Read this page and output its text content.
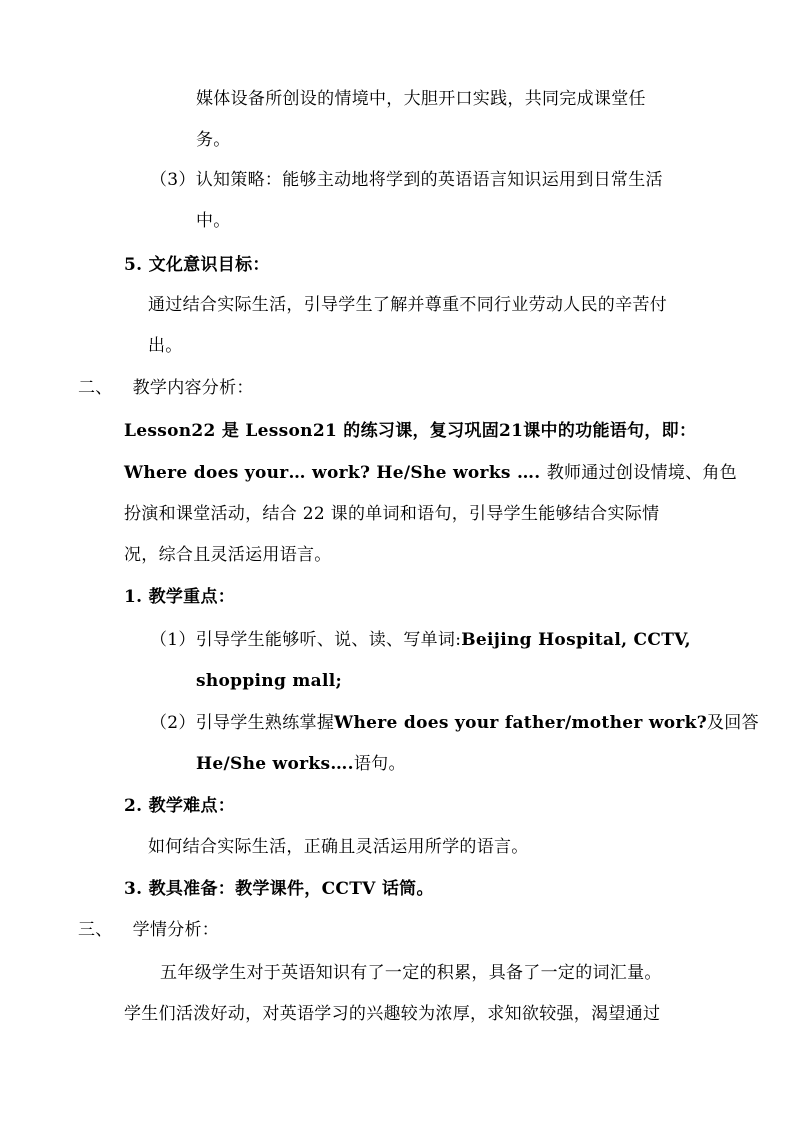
媒体设备所创设的情境中，大胆开口实践，共同完成课堂任
务。
（3）认知策略：能够主动地将学到的英语语言知识运用到日常生活
中。
5. 文化意识目标：
通过结合实际生活，引导学生了解并尊重不同行业劳动人民的辛苦付
出。
二、 教学内容分析：
Lesson22 是 Lesson21 的练习课，复习巩固21课中的功能语句，即：
Where does your… work? He/She works …. 教师通过创设情境、角色
扮演和课堂活动，结合 22 课的单词和语句，引导学生能够结合实际情
况，综合且灵活运用语言。
1. 教学重点：
（1）引导学生能够听、说、读、写单词:Beijing Hospital, CCTV,
shopping mall;
（2）引导学生熟练掌握Where does your father/mother work?及回答
He/She works….语句。
2. 教学难点：
如何结合实际生活，正确且灵活运用所学的语言。
3. 教具准备：教学课件，CCTV 话筒。
三、 学情分析：
五年级学生对于英语知识有了一定的积累，具备了一定的词汇量。
学生们活泼好动，对英语学习的兴趣较为浓厚，求知欲较强，渴望通过
